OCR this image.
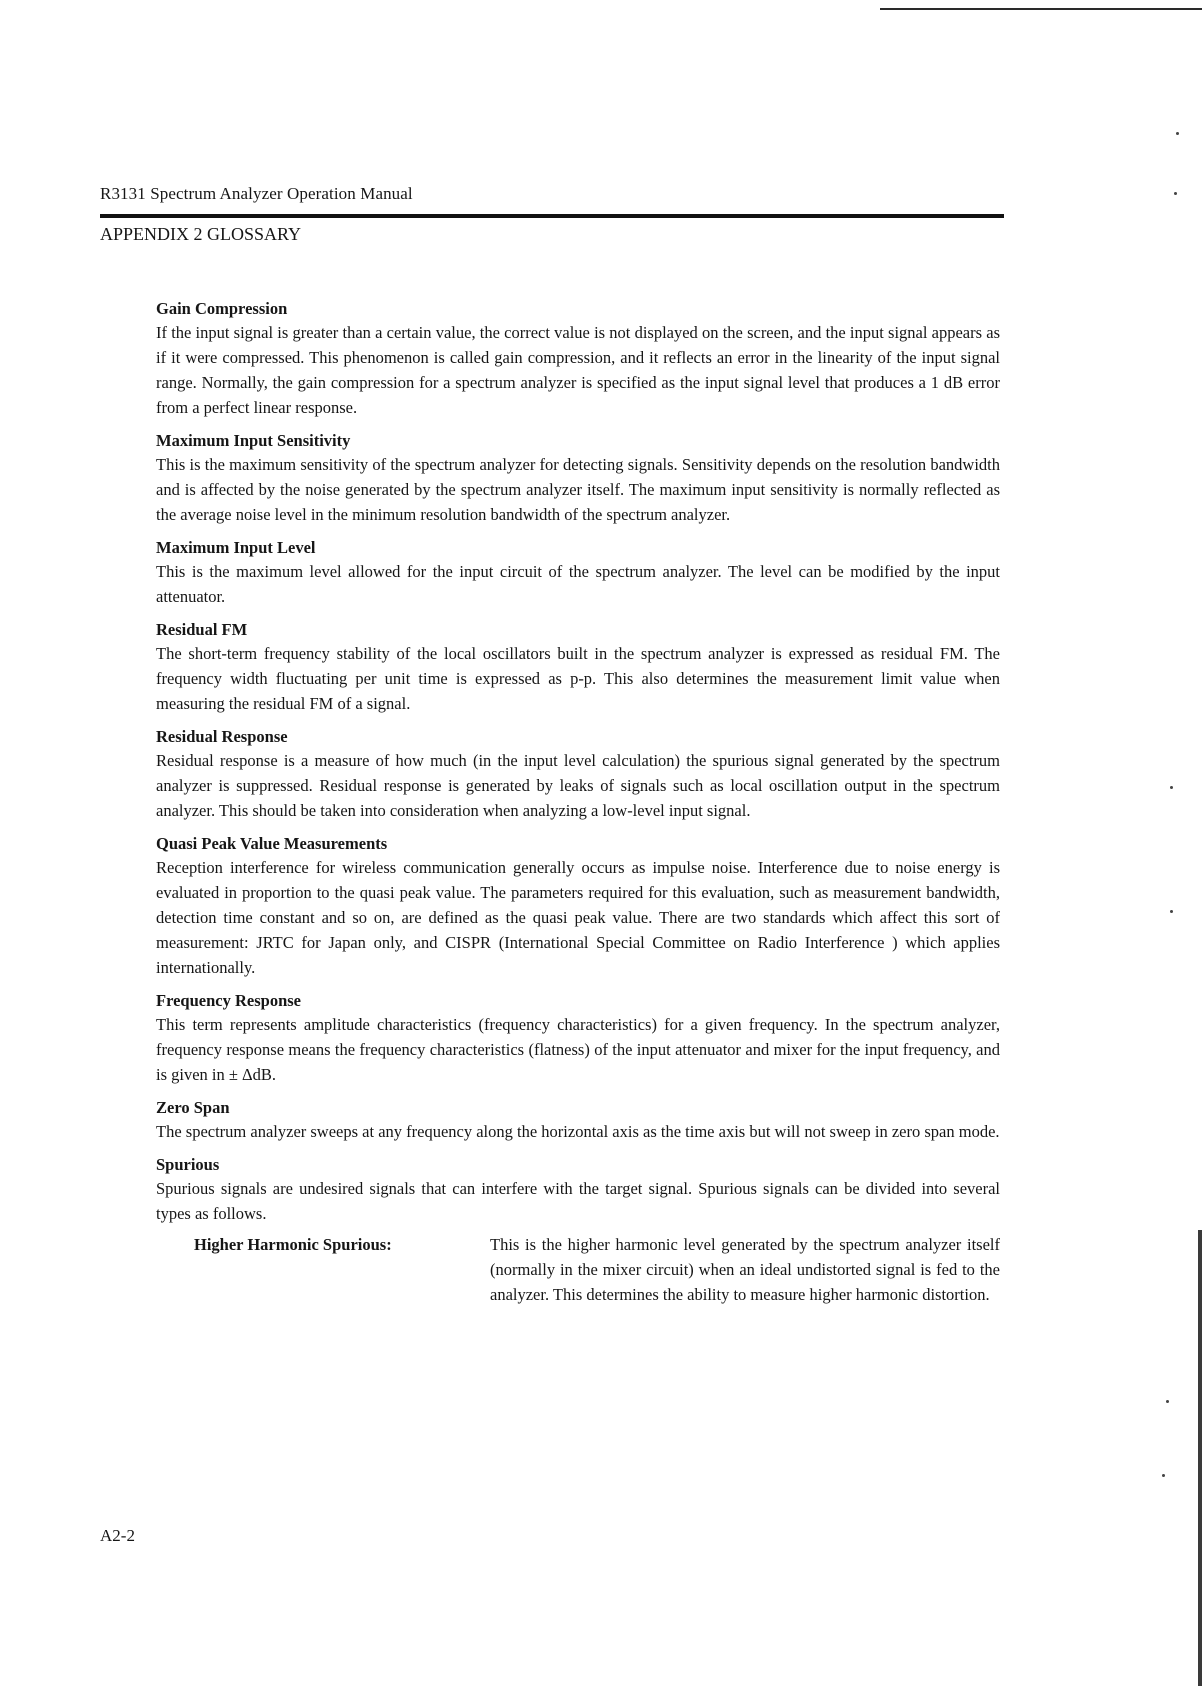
R3131 Spectrum Analyzer Operation Manual
APPENDIX 2 GLOSSARY

Gain Compression

If the input signal is greater than a certain value, the correct value is not displayed on the screen, and the input signal appears as if it were compressed. This phenomenon is called gain compression, and it reflects an error in the linearity of the input signal range. Normally, the gain compression for a spectrum analyzer is specified as the input signal level that produces a 1 dB error from a perfect linear response.

Maximum Input Sensitivity

This is the maximum sensitivity of the spectrum analyzer for detecting signals. Sensitivity depends on the resolution bandwidth and is affected by the noise generated by the spectrum analyzer itself. The maximum input sensitivity is normally reflected as the average noise level in the minimum resolution bandwidth of the spectrum analyzer.

Maximum Input Level

This is the maximum level allowed for the input circuit of the spectrum analyzer. The level can be modified by the input attenuator.

Residual FM

The short-term frequency stability of the local oscillators built in the spectrum analyzer is expressed as residual FM. The frequency width fluctuating per unit time is expressed as p-p. This also determines the measurement limit value when measuring the residual FM of a signal.

Residual Response

Residual response is a measure of how much (in the input level calculation) the spurious signal generated by the spectrum analyzer is suppressed. Residual response is generated by leaks of signals such as local oscillation output in the spectrum analyzer. This should be taken into consideration when analyzing a low-level input signal.

Quasi Peak Value Measurements

Reception interference for wireless communication generally occurs as impulse noise. Interference due to noise energy is evaluated in proportion to the quasi peak value. The parameters required for this evaluation, such as measurement bandwidth, detection time constant and so on, are defined as the quasi peak value. There are two standards which affect this sort of measurement: JRTC for Japan only, and CISPR (International Special Committee on Radio Interference ) which applies internationally.

Frequency Response

This term represents amplitude characteristics (frequency characteristics) for a given frequency. In the spectrum analyzer, frequency response means the frequency characteristics (flatness) of the input attenuator and mixer for the input frequency, and is given in ± ΔdB.

Zero Span

The spectrum analyzer sweeps at any frequency along the horizontal axis as the time axis but will not sweep in zero span mode.

Spurious

Spurious signals are undesired signals that can interfere with the target signal. Spurious signals can be divided into several types as follows.

Higher Harmonic Spurious:	This is the higher harmonic level generated by the spectrum analyzer itself (normally in the mixer circuit) when an ideal undistorted signal is fed to the analyzer. This determines the ability to measure higher harmonic distortion.
A2-2
